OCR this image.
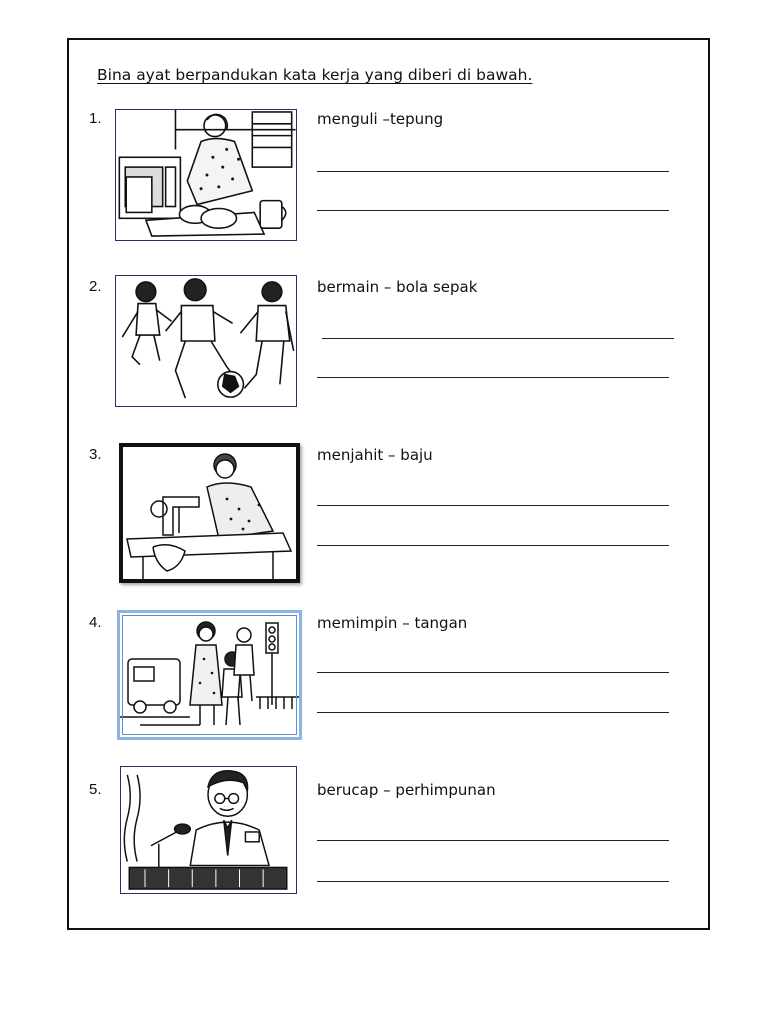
Bina ayat berpandukan kata kerja yang diberi di bawah.
1.	menguli –tepung
2.	bermain – bola sepak
3.	menjahit – baju
4.	memimpin – tangan
5.	berucap – perhimpunan
